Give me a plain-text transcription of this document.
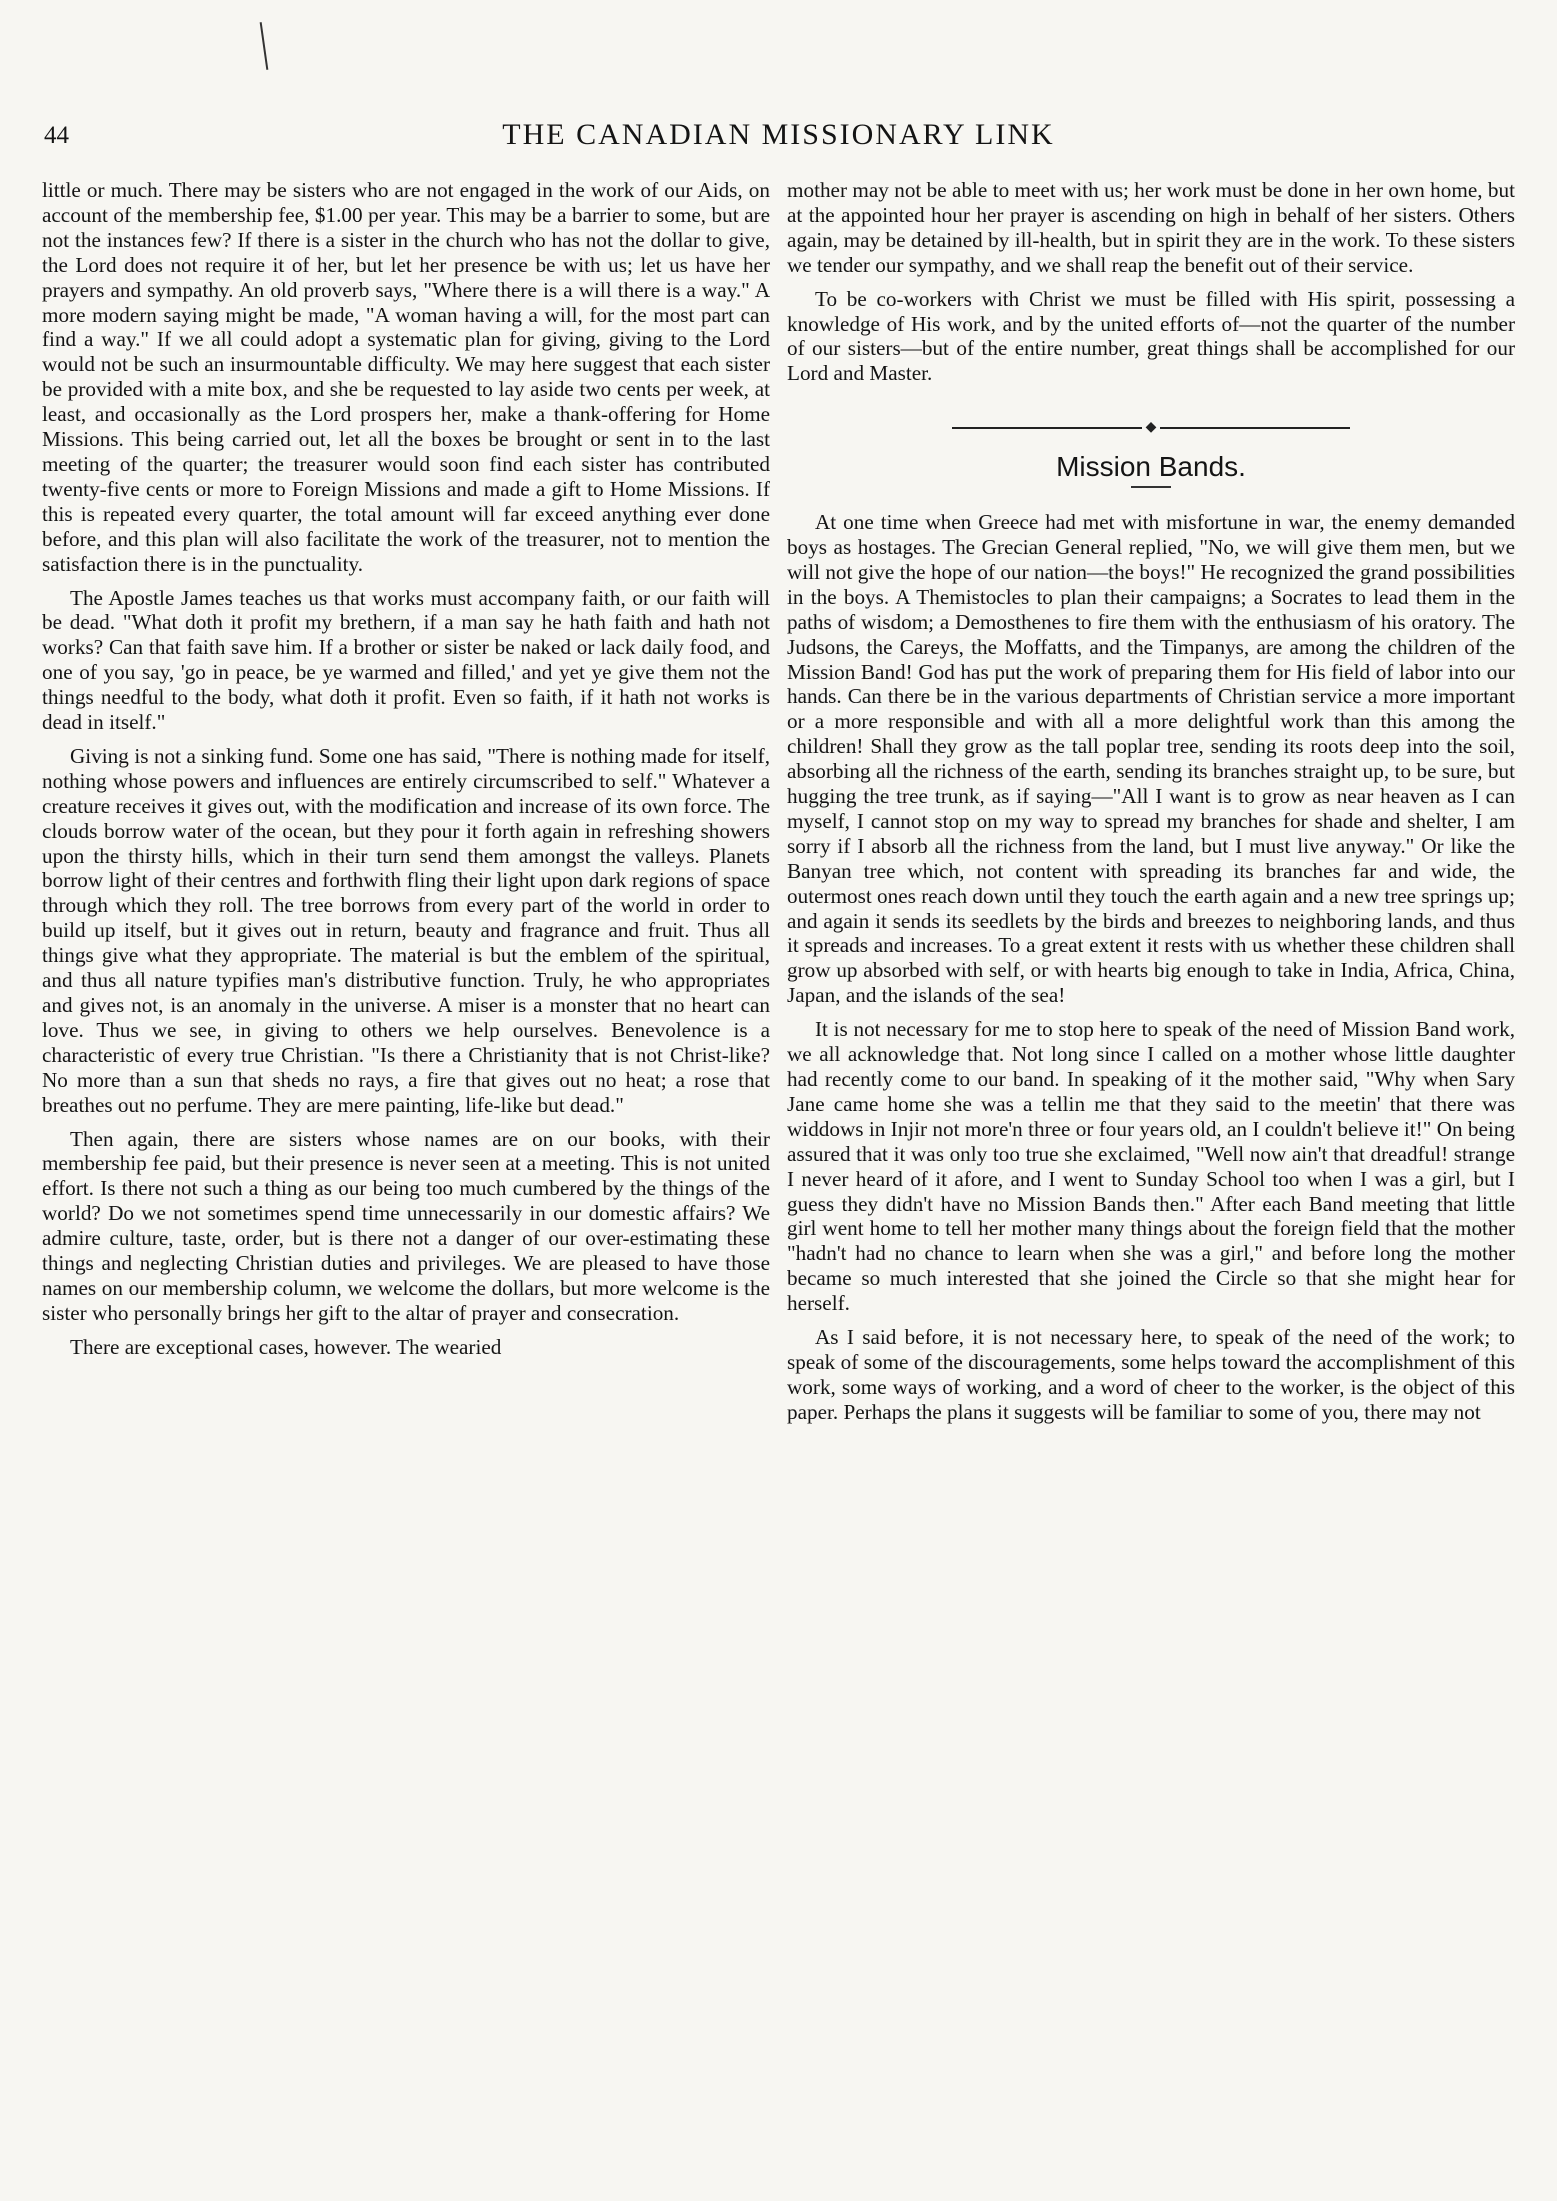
44	THE CANADIAN MISSIONARY LINK

little or much. There may be sisters who are not engaged in the work of our Aids, on account of the membership fee, $1.00 per year. This may be a barrier to some, but are not the instances few? If there is a sister in the church who has not the dollar to give, the Lord does not require it of her, but let her presence be with us; let us have her prayers and sympathy. An old proverb says, "Where there is a will there is a way." A more modern saying might be made, "A woman having a will, for the most part can find a way." If we all could adopt a systematic plan for giving, giving to the Lord would not be such an insurmountable difficulty. We may here suggest that each sister be provided with a mite box, and she be requested to lay aside two cents per week, at least, and occasionally as the Lord prospers her, make a thank-offering for Home Missions. This being carried out, let all the boxes be brought or sent in to the last meeting of the quarter; the treasurer would soon find each sister has contributed twenty-five cents or more to Foreign Missions and made a gift to Home Missions. If this is repeated every quarter, the total amount will far exceed anything ever done before, and this plan will also facilitate the work of the treasurer, not to mention the satisfaction there is in the punctuality.

The Apostle James teaches us that works must accompany faith, or our faith will be dead. "What doth it profit my brethern, if a man say he hath faith and hath not works? Can that faith save him. If a brother or sister be naked or lack daily food, and one of you say, 'go in peace, be ye warmed and filled,' and yet ye give them not the things needful to the body, what doth it profit. Even so faith, if it hath not works is dead in itself."

Giving is not a sinking fund. Some one has said, "There is nothing made for itself, nothing whose powers and influences are entirely circumscribed to self." Whatever a creature receives it gives out, with the modification and increase of its own force. The clouds borrow water of the ocean, but they pour it forth again in refreshing showers upon the thirsty hills, which in their turn send them amongst the valleys. Planets borrow light of their centres and forthwith fling their light upon dark regions of space through which they roll. The tree borrows from every part of the world in order to build up itself, but it gives out in return, beauty and fragrance and fruit. Thus all things give what they appropriate. The material is but the emblem of the spiritual, and thus all nature typifies man's distributive function. Truly, he who appropriates and gives not, is an anomaly in the universe. A miser is a monster that no heart can love. Thus we see, in giving to others we help ourselves. Benevolence is a characteristic of every true Christian. "Is there a Christianity that is not Christ-like? No more than a sun that sheds no rays, a fire that gives out no heat; a rose that breathes out no perfume. They are mere painting, life-like but dead."

Then again, there are sisters whose names are on our books, with their membership fee paid, but their presence is never seen at a meeting. This is not united effort. Is there not such a thing as our being too much cumbered by the things of the world? Do we not sometimes spend time unnecessarily in our domestic affairs? We admire culture, taste, order, but is there not a danger of our over-estimating these things and neglecting Christian duties and privileges. We are pleased to have those names on our membership column, we welcome the dollars, but more welcome is the sister who personally brings her gift to the altar of prayer and consecration.

There are exceptional cases, however. The wearied

mother may not be able to meet with us; her work must be done in her own home, but at the appointed hour her prayer is ascending on high in behalf of her sisters. Others again, may be detained by ill-health, but in spirit they are in the work. To these sisters we tender our sympathy, and we shall reap the benefit out of their service.

To be co-workers with Christ we must be filled with His spirit, possessing a knowledge of His work, and by the united efforts of—not the quarter of the number of our sisters—but of the entire number, great things shall be accomplished for our Lord and Master.

◆
Mission Bands.

At one time when Greece had met with misfortune in war, the enemy demanded boys as hostages. The Grecian General replied, "No, we will give them men, but we will not give the hope of our nation—the boys!" He recognized the grand possibilities in the boys. A Themistocles to plan their campaigns; a Socrates to lead them in the paths of wisdom; a Demosthenes to fire them with the enthusiasm of his oratory. The Judsons, the Careys, the Moffatts, and the Timpanys, are among the children of the Mission Band! God has put the work of preparing them for His field of labor into our hands. Can there be in the various departments of Christian service a more important or a more responsible and with all a more delightful work than this among the children! Shall they grow as the tall poplar tree, sending its roots deep into the soil, absorbing all the richness of the earth, sending its branches straight up, to be sure, but hugging the tree trunk, as if saying—"All I want is to grow as near heaven as I can myself, I cannot stop on my way to spread my branches for shade and shelter, I am sorry if I absorb all the richness from the land, but I must live anyway." Or like the Banyan tree which, not content with spreading its branches far and wide, the outermost ones reach down until they touch the earth again and a new tree springs up; and again it sends its seedlets by the birds and breezes to neighboring lands, and thus it spreads and increases. To a great extent it rests with us whether these children shall grow up absorbed with self, or with hearts big enough to take in India, Africa, China, Japan, and the islands of the sea!

It is not necessary for me to stop here to speak of the need of Mission Band work, we all acknowledge that. Not long since I called on a mother whose little daughter had recently come to our band. In speaking of it the mother said, "Why when Sary Jane came home she was a tellin me that they said to the meetin' that there was widdows in Injir not more'n three or four years old, an I couldn't believe it!" On being assured that it was only too true she exclaimed, "Well now ain't that dreadful! strange I never heard of it afore, and I went to Sunday School too when I was a girl, but I guess they didn't have no Mission Bands then." After each Band meeting that little girl went home to tell her mother many things about the foreign field that the mother "hadn't had no chance to learn when she was a girl," and before long the mother became so much interested that she joined the Circle so that she might hear for herself.

As I said before, it is not necessary here, to speak of the need of the work; to speak of some of the discouragements, some helps toward the accomplishment of this work, some ways of working, and a word of cheer to the worker, is the object of this paper. Perhaps the plans it suggests will be familiar to some of you, there may not
